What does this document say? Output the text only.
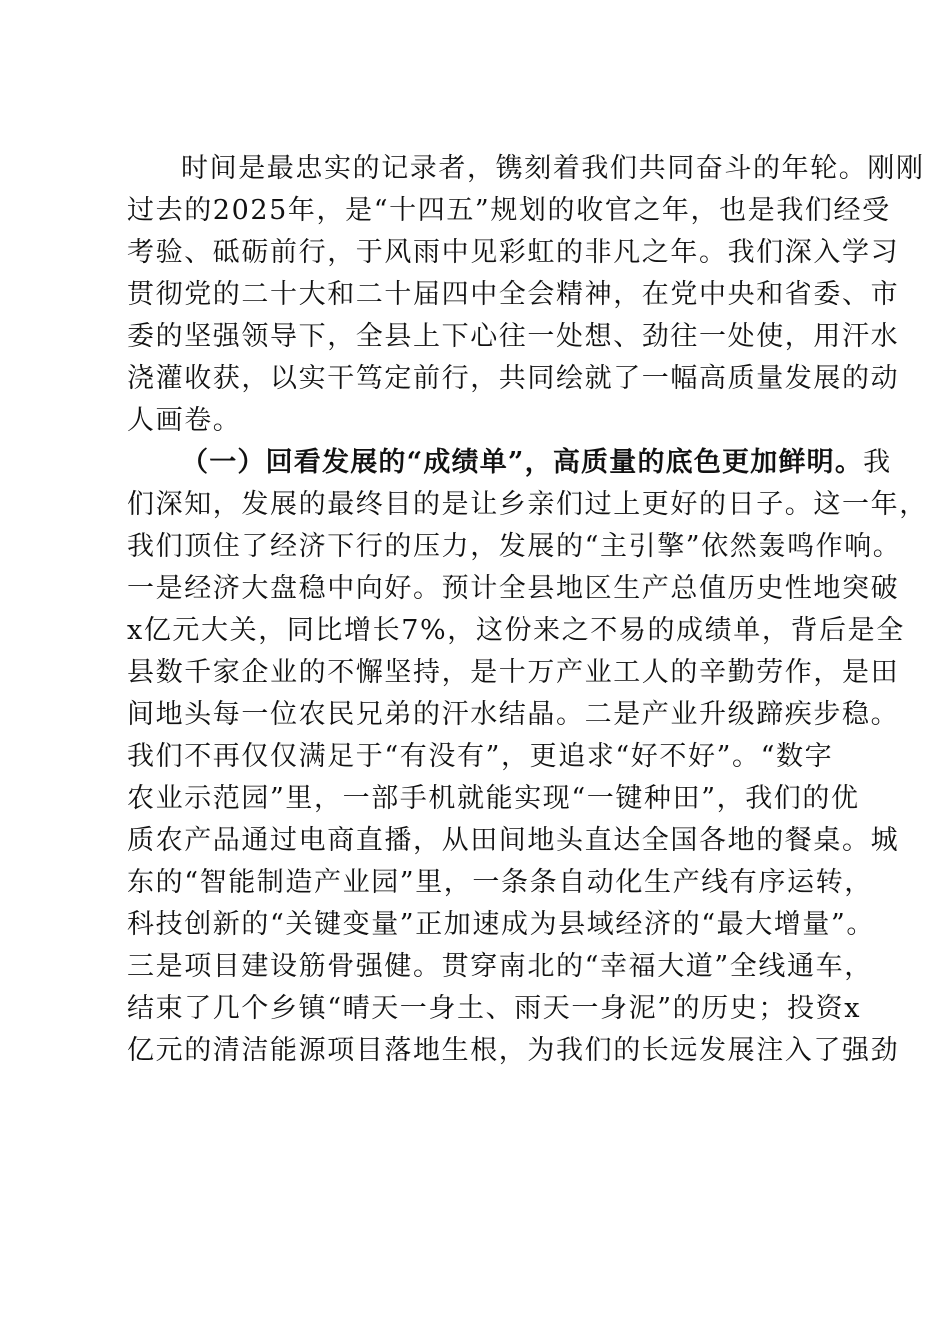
时间是最忠实的记录者，镌刻着我们共同奋斗的年轮。刚刚
过去的2025年，是“十四五”规划的收官之年，也是我们经受
考验、砥砺前行，于风雨中见彩虹的非凡之年。我们深入学习
贯彻党的二十大和二十届四中全会精神，在党中央和省委、市
委的坚强领导下，全县上下心往一处想、劲往一处使，用汗水
浇灌收获，以实干笃定前行，共同绘就了一幅高质量发展的动
人画卷。
（一）回看发展的“成绩单”，高质量的底色更加鲜明。我
们深知，发展的最终目的是让乡亲们过上更好的日子。这一年，
我们顶住了经济下行的压力，发展的“主引擎”依然轰鸣作响。
一是经济大盘稳中向好。预计全县地区生产总值历史性地突破
x亿元大关，同比增长7%，这份来之不易的成绩单，背后是全
县数千家企业的不懈坚持，是十万产业工人的辛勤劳作，是田
间地头每一位农民兄弟的汗水结晶。二是产业升级蹄疾步稳。
我们不再仅仅满足于“有没有”，更追求“好不好”。“数字
农业示范园”里，一部手机就能实现“一键种田”，我们的优
质农产品通过电商直播，从田间地头直达全国各地的餐桌。城
东的“智能制造产业园”里，一条条自动化生产线有序运转，
科技创新的“关键变量”正加速成为县域经济的“最大增量”。
三是项目建设筋骨强健。贯穿南北的“幸福大道”全线通车，
结束了几个乡镇“晴天一身土、雨天一身泥”的历史；投资x
亿元的清洁能源项目落地生根，为我们的长远发展注入了强劲
